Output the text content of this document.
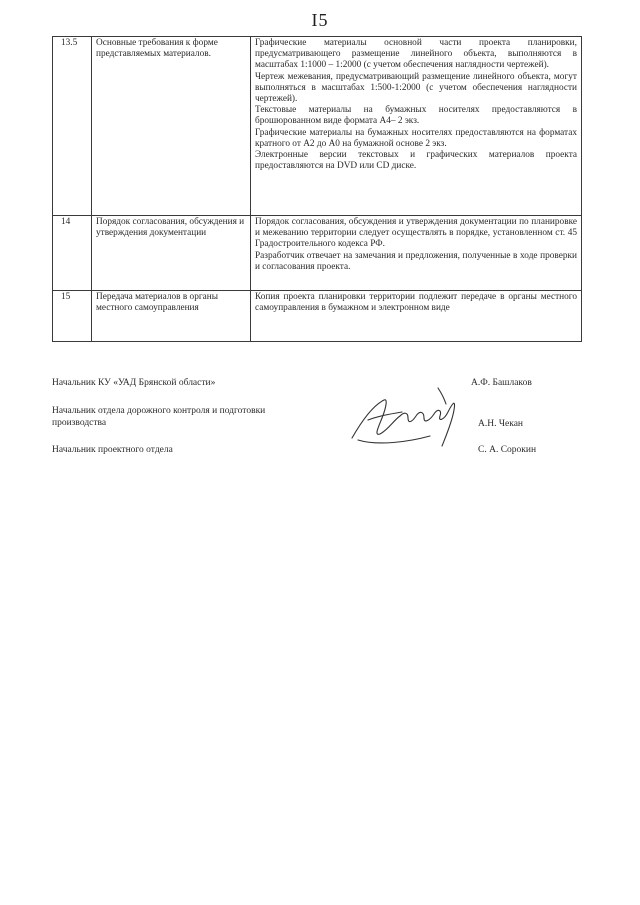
I5
13.5	Основные требования к форме представляемых материалов.	Графические материалы основной части проекта планировки, предусматривающего размещение линейного объекта, выполняются в масштабах 1:1000 – 1:2000 (с учетом обеспечения наглядности чертежей).

Чертеж межевания, предусматривающий размещение линейного объекта, могут выполняться в масштабах 1:500-1:2000 (с учетом обеспечения наглядности чертежей).

Текстовые материалы на бумажных носителях предоставляются в брошюрованном виде формата А4– 2 экз.

Графические материалы на бумажных носителях предоставляются на форматах кратного от А2 до А0 на бумажной основе 2 экз.

Электронные версии текстовых и графических материалов проекта предоставляются на DVD или CD диске.

14	Порядок согласования, обсуждения и утверждения документации	Порядок согласования, обсуждения и утверждения документации по планировке и межеванию территории следует осуществлять в порядке, установленном ст. 45 Градостроительного кодекса РФ.

Разработчик отвечает на замечания и предложения, полученные в ходе проверки и согласования проекта.

15	Передача материалов в органы местного самоуправления	Копия проекта планировки территории подлежит передаче в органы местного самоуправления в бумажном и электронном виде

Начальник КУ «УАД Брянской области»	А.Ф. Башлаков
Начальник отдела дорожного контроля и подготовки производства	А.Н. Чекан
Начальник проектного отдела	С. А. Сорокин
